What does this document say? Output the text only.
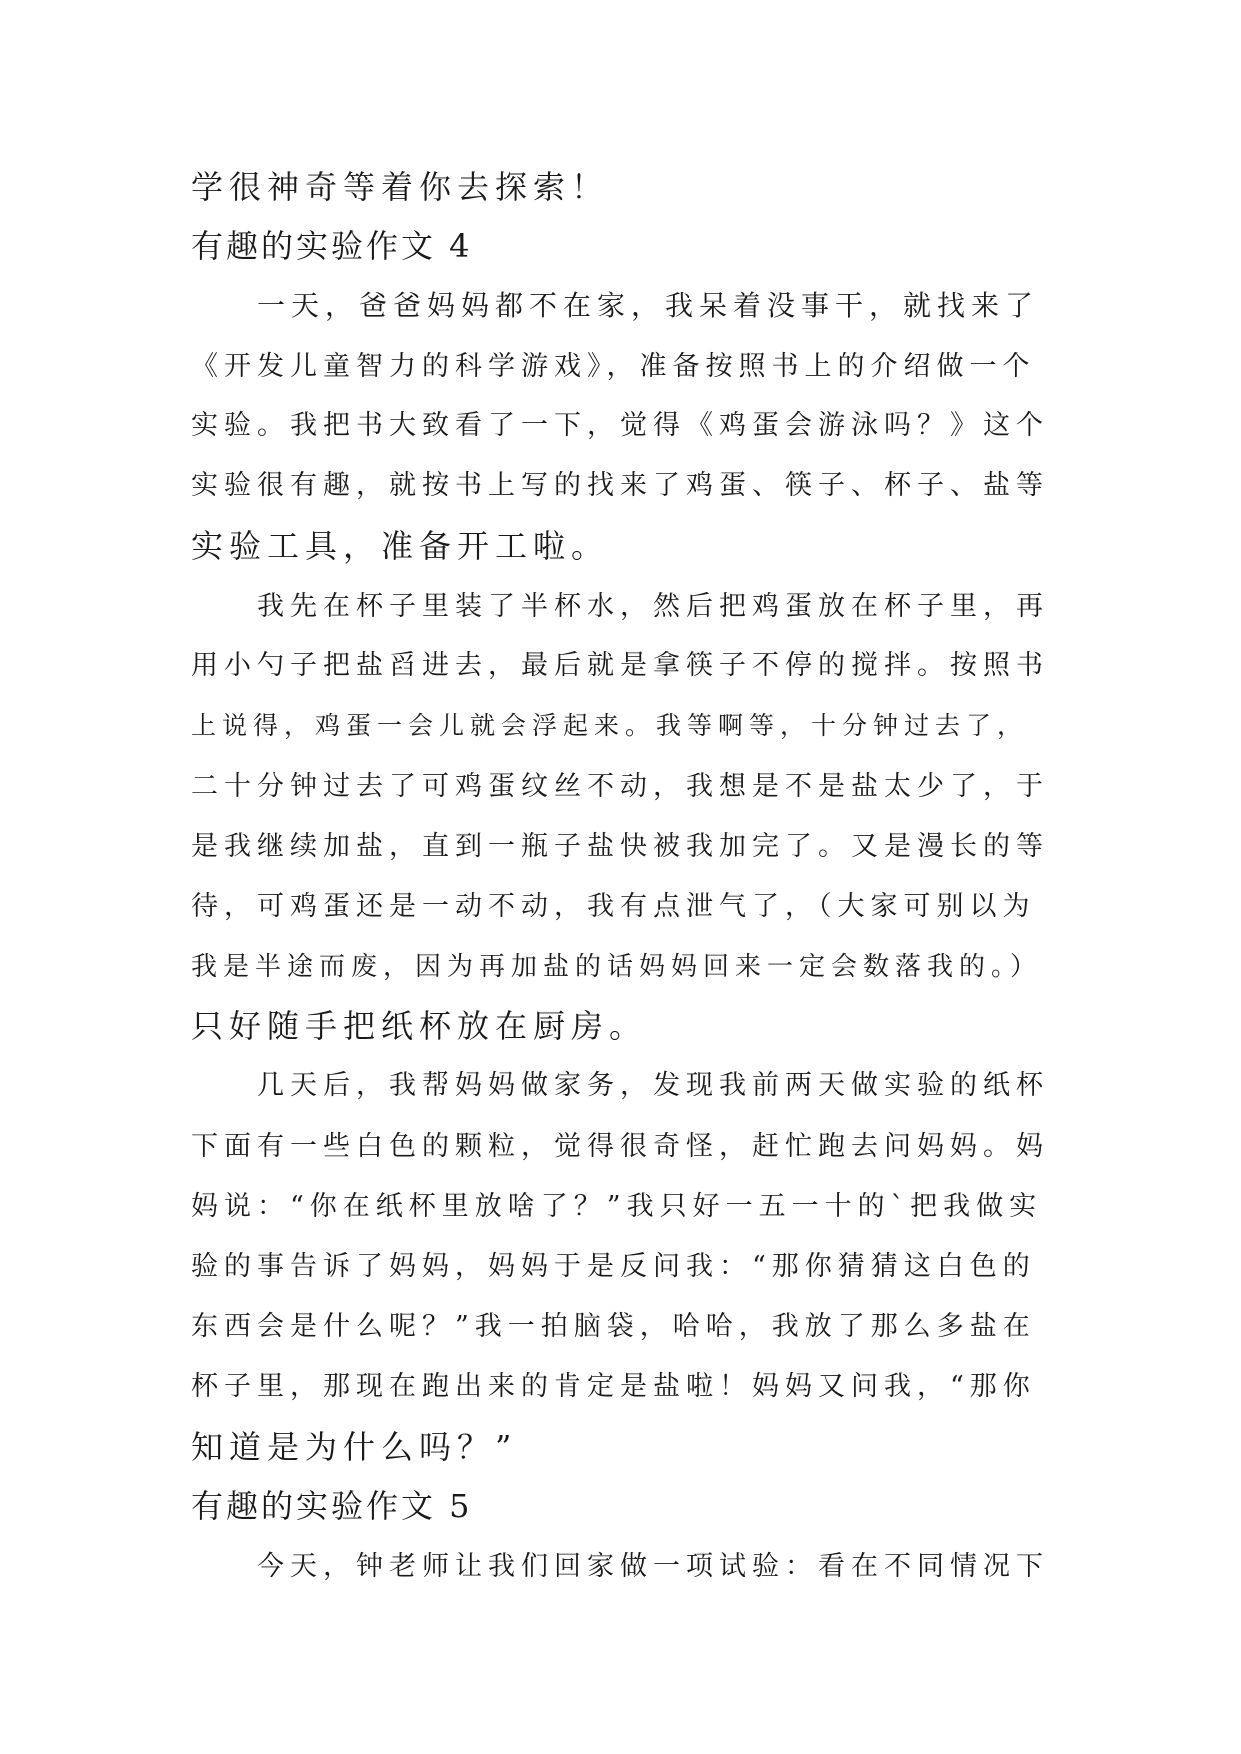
学很神奇等着你去探索！
有趣的实验作文 4
一天，爸爸妈妈都不在家，我呆着没事干，就找来了
《开发儿童智力的科学游戏》，准备按照书上的介绍做一个
实验。我把书大致看了一下，觉得《鸡蛋会游泳吗？》这个
实验很有趣，就按书上写的找来了鸡蛋、筷子、杯子、盐等
实验工具，准备开工啦。
我先在杯子里装了半杯水，然后把鸡蛋放在杯子里，再
用小勺子把盐舀进去，最后就是拿筷子不停的搅拌。按照书
上说得，鸡蛋一会儿就会浮起来。我等啊等，十分钟过去了，
二十分钟过去了可鸡蛋纹丝不动，我想是不是盐太少了，于
是我继续加盐，直到一瓶子盐快被我加完了。又是漫长的等
待，可鸡蛋还是一动不动，我有点泄气了，（大家可别以为
我是半途而废，因为再加盐的话妈妈回来一定会数落我的。）
只好随手把纸杯放在厨房。
几天后，我帮妈妈做家务，发现我前两天做实验的纸杯
下面有一些白色的颗粒，觉得很奇怪，赶忙跑去问妈妈。妈
妈说：“你在纸杯里放啥了？”我只好一五一十的`把我做实
验的事告诉了妈妈，妈妈于是反问我：“那你猜猜这白色的
东西会是什么呢？”我一拍脑袋，哈哈，我放了那么多盐在
杯子里，那现在跑出来的肯定是盐啦！妈妈又问我，“那你
知道是为什么吗？”
有趣的实验作文 5
今天，钟老师让我们回家做一项试验：看在不同情况下
